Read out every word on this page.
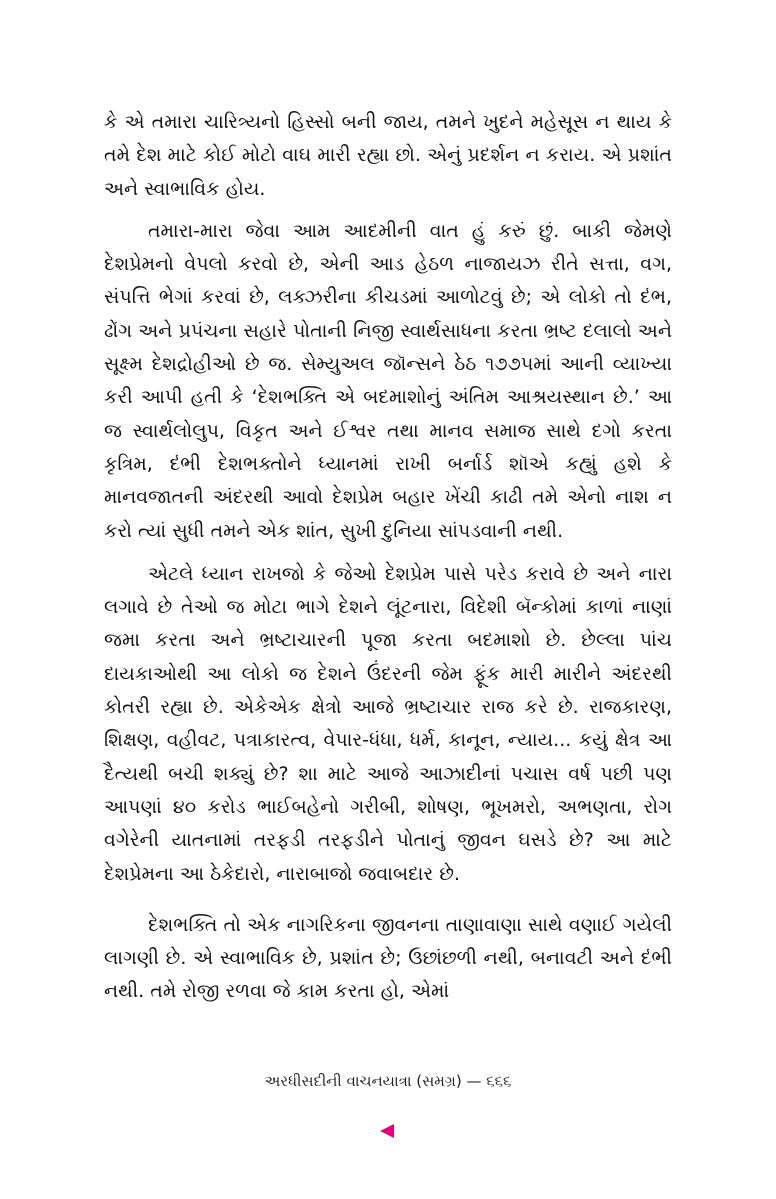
કે એ તમારા ચારિત્ર્યનો હિસ્સો બની જાય, તમને ખુદને મહેસૂસ ન થાય કે તમે દેશ માટે કોઈ મોટો વાઘ મારી રહ્યા છો. એનું પ્રદર્શન ન કરાય. એ પ્રશાંત અને સ્વાભાવિક હોય.

તમારા-મારા જેવા આમ આદમીની વાત હું કરું છું. બાકી જેમણે દેશપ્રેમનો વેપલો કરવો છે, એની આડ હેઠળ નાજાયઝ રીતે સત્તા, વગ, સંપત્તિ ભેગાં કરવાં છે, લક્ઝરીના કીચડમાં આળોટવું છે; એ લોકો તો દંભ, ઢોંગ અને પ્રપંચના સહારે પોતાની નિજી સ્વાર્થસાધના કરતા ભ્રષ્ટ દલાલો અને સૂક્ષ્મ દેશદ્રોહીઓ છે જ. સેમ્યુઅલ જૉન્સને ઠેઠ ૧૭૭૫માં આની વ્યાખ્યા કરી આપી હતી કે ‘દેશભક્તિ એ બદમાશોનું અંતિમ આશ્રયસ્થાન છે.’ આ જ સ્વાર્થલોલુપ, વિકૃત અને ઈશ્વર તથા માનવ સમાજ સાથે દગો કરતા કૃત્રિમ, દંભી દેશભક્તોને ધ્યાનમાં રાખી બર્નાર્ડ શૉએ કહ્યું હશે કે માનવજાતની અંદરથી આવો દેશપ્રેમ બહાર ખેંચી કાઢી તમે એનો નાશ ન કરો ત્યાં સુધી તમને એક શાંત, સુખી દુનિયા સાંપડવાની નથી.

એટલે ધ્યાન રાખજો કે જેઓ દેશપ્રેમ પાસે પરેડ કરાવે છે અને નારા લગાવે છે તેઓ જ મોટા ભાગે દેશને લૂંટનારા, વિદેશી બૅન્કોમાં કાળાં નાણાં જમા કરતા અને ભ્રષ્ટાચારની પૂજા કરતા બદમાશો છે. છેલ્લા પાંચ દાયકાઓથી આ લોકો જ દેશને ઉંદરની જેમ ફૂંક મારી મારીને અંદરથી કોતરી રહ્યા છે. એકેએક ક્ષેત્રો આજે ભ્રષ્ટાચાર રાજ કરે છે. રાજકારણ, શિક્ષણ, વહીવટ, પત્રાકારત્વ, વેપાર-ધંધા, ધર્મ, કાનૂન, ન્યાય... કયું ક્ષેત્ર આ દૈત્યથી બચી શક્યું છે? શા માટે આજે આઝાદીનાં પચાસ વર્ષ પછી પણ આપણાં ૪૦ કરોડ ભાઈબહેનો ગરીબી, શોષણ, ભૂખમરો, અભણતા, રોગ વગેરેની યાતનામાં તરફડી તરફડીને પોતાનું જીવન ઘસડે છે? આ માટે દેશપ્રેમના આ ઠેકેદારો, નારાબાજો જવાબદાર છે.

દેશભક્તિ તો એક નાગરિકના જીવનના તાણાવાણા સાથે વણાઈ ગયેલી લાગણી છે. એ સ્વાભાવિક છે, પ્રશાંત છે; ઉછાંછળી નથી, બનાવટી અને દંભી નથી. તમે રોજી રળવા જે કામ કરતા હો, એમાં

અરધીસદીની વાચનયાત્રા (સમગ્ર) — ૬૬૬
